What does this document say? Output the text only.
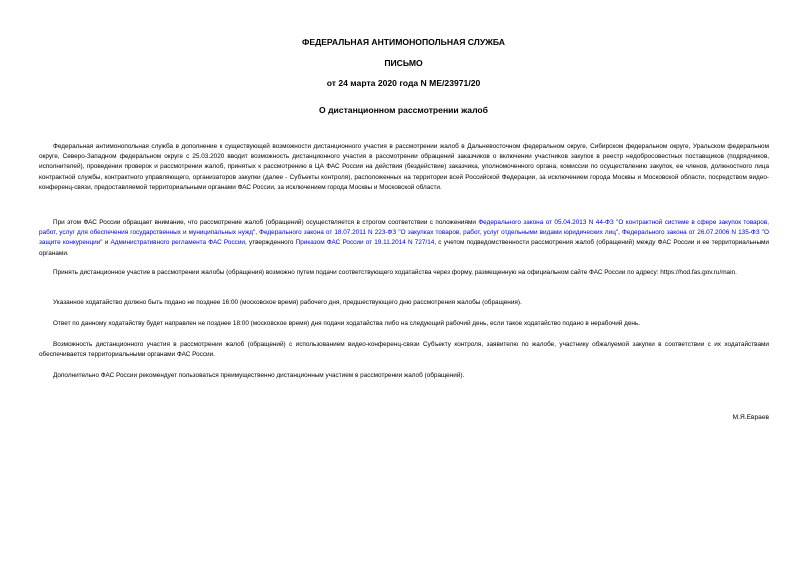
ФЕДЕРАЛЬНАЯ АНТИМОНОПОЛЬНАЯ СЛУЖБА
ПИСЬМО
от 24 марта 2020 года N МЕ/23971/20
О дистанционном рассмотрении жалоб

Федеральная антимонопольная служба в дополнение к существующей возможности дистанционного участия в рассмотрении жалоб в Дальневосточном федеральном округе, Сибирском федеральном округе, Уральском федеральном округе, Северо-Западном федеральном округе с 25.03.2020 вводит возможность дистанционного участия в рассмотрении обращений заказчиков о включении участников закупок в реестр недобросовестных поставщиков (подрядчиков, исполнителей), проведении проверок и рассмотрении жалоб, принятых к рассмотрению в ЦА ФАС России на действия (бездействие) заказчика, уполномоченного органа, комиссии по осуществлению закупок, ее членов, должностного лица контрактной службы, контрактного управляющего, организаторов закупки (далее - Субъекты контроля), расположенных на территории всей Российской Федерации, за исключением города Москвы и Московской области, посредством видео-конференц-связи, предоставляемой территориальными органами ФАС России, за исключением города Москвы и Московской области.

При этом ФАС России обращает внимание, что рассмотрение жалоб (обращений) осуществляется в строгом соответствии с положениями Федерального закона от 05.04.2013 N 44-ФЗ "О контрактной системе в сфере закупок товаров, работ, услуг для обеспечения государственных и муниципальных нужд", Федерального закона от 18.07.2011 N 223-ФЗ "О закупках товаров, работ, услуг отдельными видами юридических лиц", Федерального закона от 26.07.2006 N 135-ФЗ "О защите конкуренции" и Административного регламента ФАС России, утвержденного Приказом ФАС России от 19.11.2014 N 727/14, с учетом подведомственности рассмотрения жалоб (обращений) между ФАС России и ее территориальными органами.

Принять дистанционное участие в рассмотрении жалобы (обращения) возможно путем подачи соответствующего ходатайства через форму, размещенную на официальном сайте ФАС России по адресу: https://hod.fas.gov.ru/main.

Указанное ходатайство должно быть подано не позднее 16:00 (московское время) рабочего дня, предшествующего дню рассмотрения жалобы (обращения).

Ответ по данному ходатайству будет направлен не позднее 18:00 (московское время) дня подачи ходатайства либо на следующий рабочий день, если такое ходатайство подано в нерабочий день.

Возможность дистанционного участия в рассмотрении жалоб (обращений) с использованием видео-конференц-связи Субъекту контроля, заявителю по жалобе, участнику обжалуемой закупки в соответствии с их ходатайствами обеспечивается территориальными органами ФАС России.

Дополнительно ФАС России рекомендует пользоваться преимущественно дистанционным участием в рассмотрении жалоб (обращений).

М.Я.Евраев
